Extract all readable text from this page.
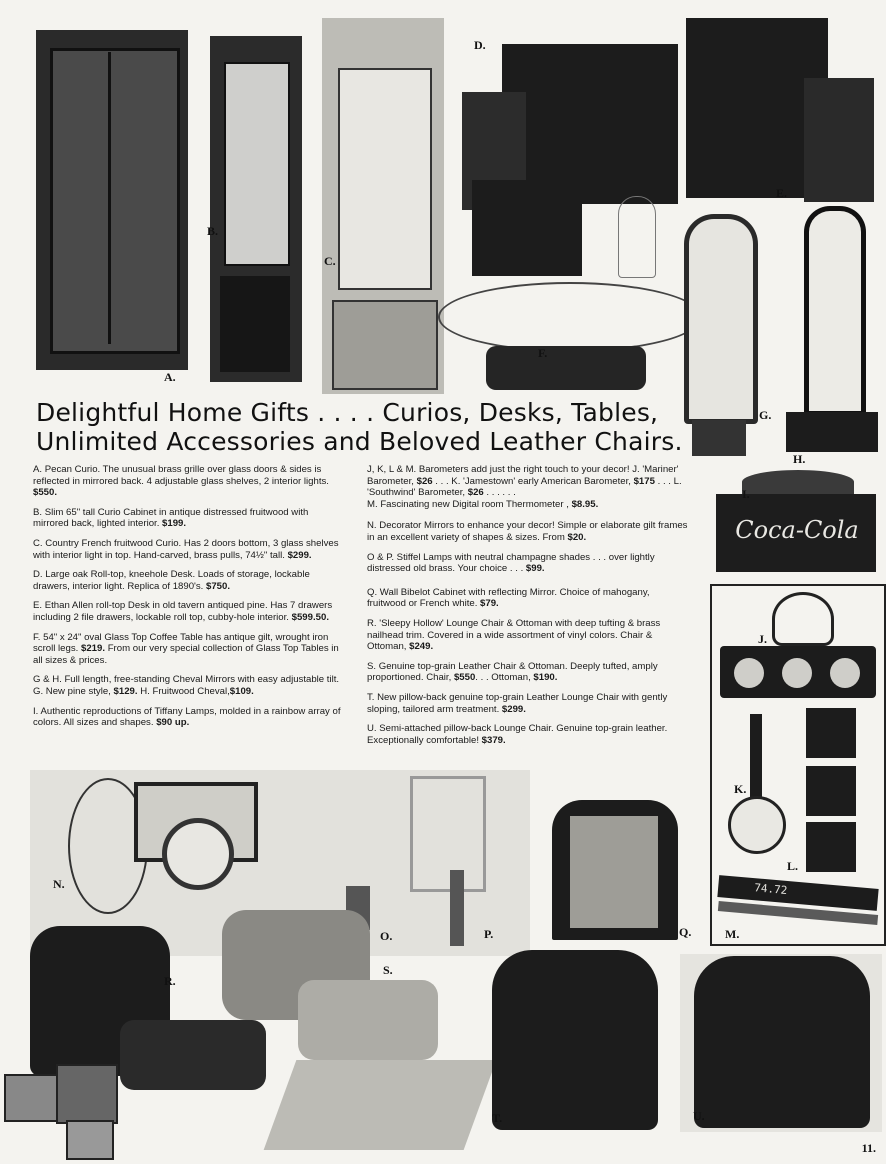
A.
B.
C.
D.
E.
F.
G.
H.
Delightful Home Gifts . . . . Curios, Desks, Tables,
Unlimited Accessories and Beloved Leather Chairs.

A. Pecan Curio. The unusual brass grille over glass doors & sides is reflected in mirrored back. 4 adjustable glass shelves, 2 interior lights. $550.

B. Slim 65" tall Curio Cabinet in antique distressed fruitwood with mirrored back, lighted interior. $199.

C. Country French fruitwood Curio. Has 2 doors bottom, 3 glass shelves with interior light in top. Hand-carved, brass pulls, 74½" tall. $299.

D. Large oak Roll-top, kneehole Desk. Loads of storage, lockable drawers, interior light. Replica of 1890's. $750.

E. Ethan Allen roll-top Desk in old tavern antiqued pine. Has 7 drawers including 2 file drawers, lockable roll top, cubby-hole interior. $599.50.

F. 54" x 24" oval Glass Top Coffee Table has antique gilt, wrought iron scroll legs. $219. From our very special collection of Glass Top Tables in all sizes & prices.

G & H. Full length, free-standing Cheval Mirrors with easy adjustable tilt. G. New pine style, $129. H. Fruitwood Cheval,$109.

I. Authentic reproductions of Tiffany Lamps, molded in a rainbow array of colors. All sizes and shapes. $90 up.

J, K, L & M. Barometers add just the right touch to your decor! J. 'Mariner' Barometer, $26 . . . K. 'Jamestown' early American Barometer, $175 . . . L. 'Southwind' Barometer, $26 . . . . . .
M. Fascinating new Digital room Thermometer , $8.95.

N. Decorator Mirrors to enhance your decor! Simple or elaborate gilt frames in an excellent variety of shapes & sizes. From $20.

O & P. Stiffel Lamps with neutral champagne shades . . . over lightly distressed old brass. Your choice . . . $99.

Q. Wall Bibelot Cabinet with reflecting Mirror. Choice of mahogany, fruitwood or French white. $79.

R. 'Sleepy Hollow' Lounge Chair & Ottoman with deep tufting & brass nailhead trim. Covered in a wide assortment of vinyl colors. Chair & Ottoman, $249.

S. Genuine top-grain Leather Chair & Ottoman. Deeply tufted, amply proportioned. Chair, $550. . . Ottoman, $190.

T. New pillow-back genuine top-grain Leather Lounge Chair with gently sloping, tailored arm treatment. $299.

U. Semi-attached pillow-back Lounge Chair. Genuine top-grain leather. Exceptionally comfortable! $379.

Coca-Cola
I.
74.72
J.
K.
L.
M.
N.
O.	P.	Q.
R.
S.
T.	U.
11.
